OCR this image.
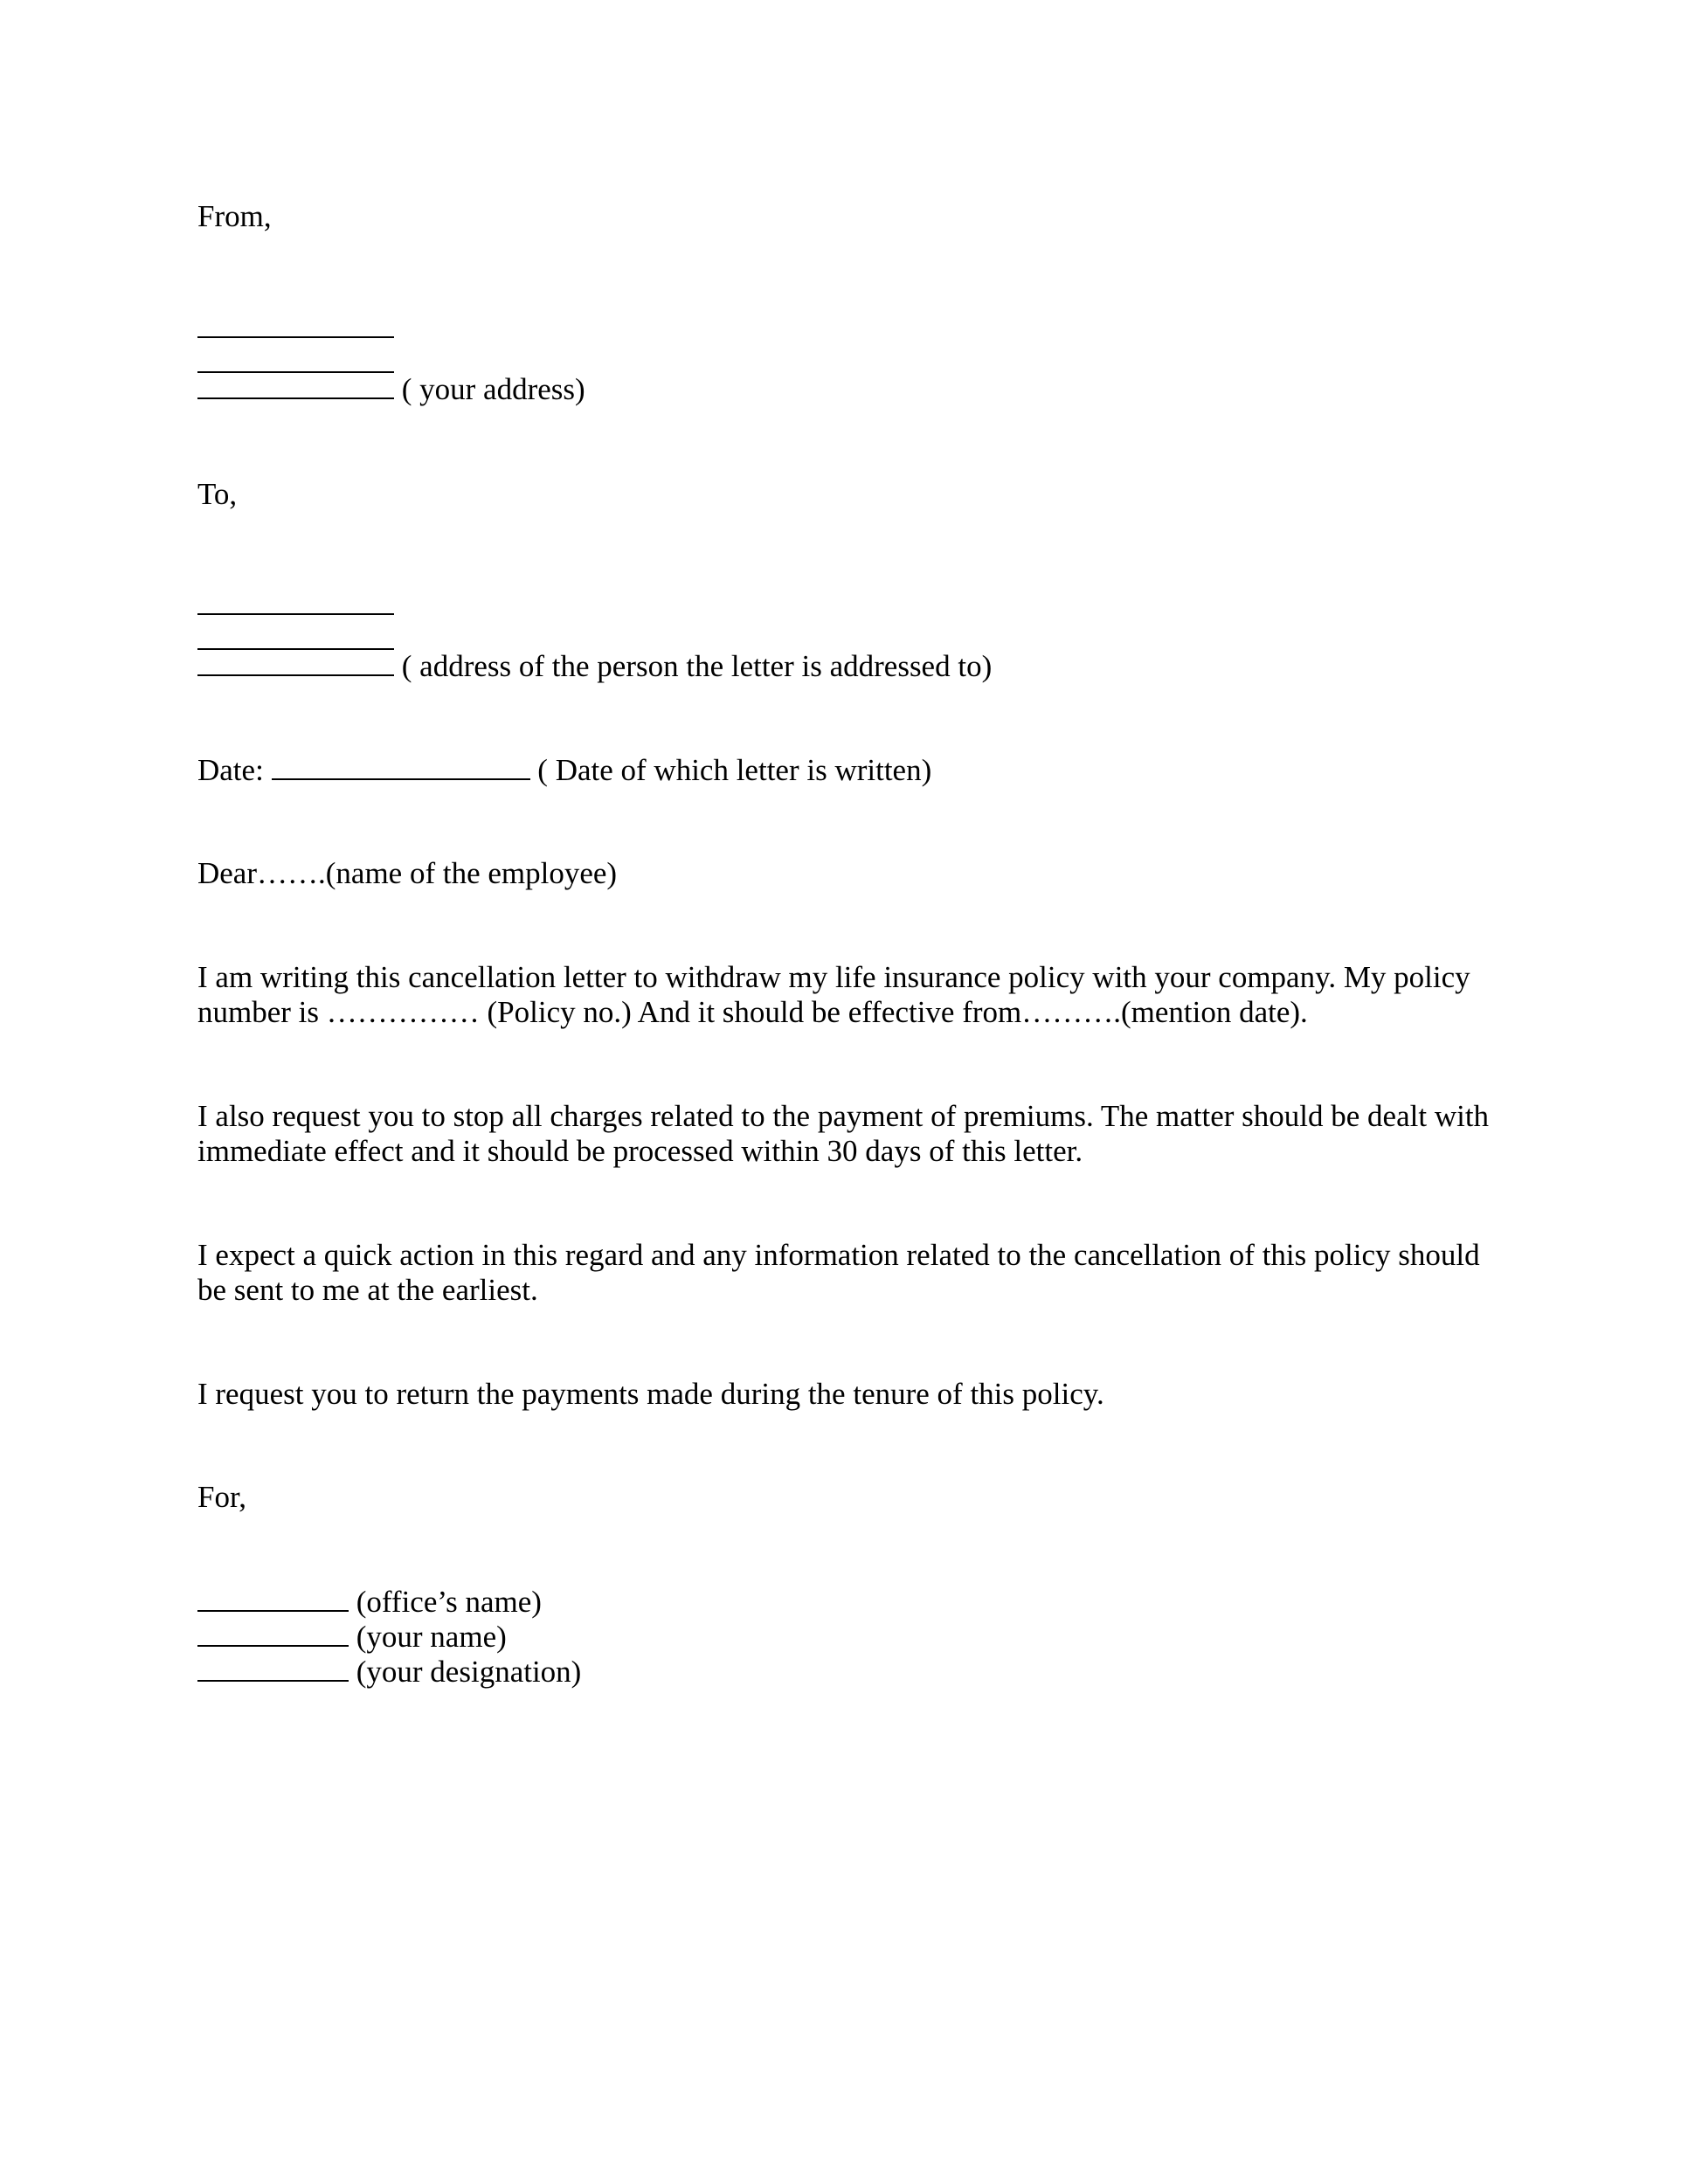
From,
( your address)
To,
( address of the person the letter is addressed to)
Date:	( Date of which letter is written)
Dear…….(name of the employee)
I am writing this cancellation letter to withdraw my life insurance policy with your company. My policy
number is …………… (Policy no.) And it should be effective from……….(mention date).
I also request you to stop all charges related to the payment of premiums. The matter should be dealt with
immediate effect and it should be processed within 30 days of this letter.
I expect a quick action in this regard and any information related to the cancellation of this policy should
be sent to me at the earliest.
I request you to return the payments made during the tenure of this policy.
For,
(office’s name)
(your name)
(your designation)
